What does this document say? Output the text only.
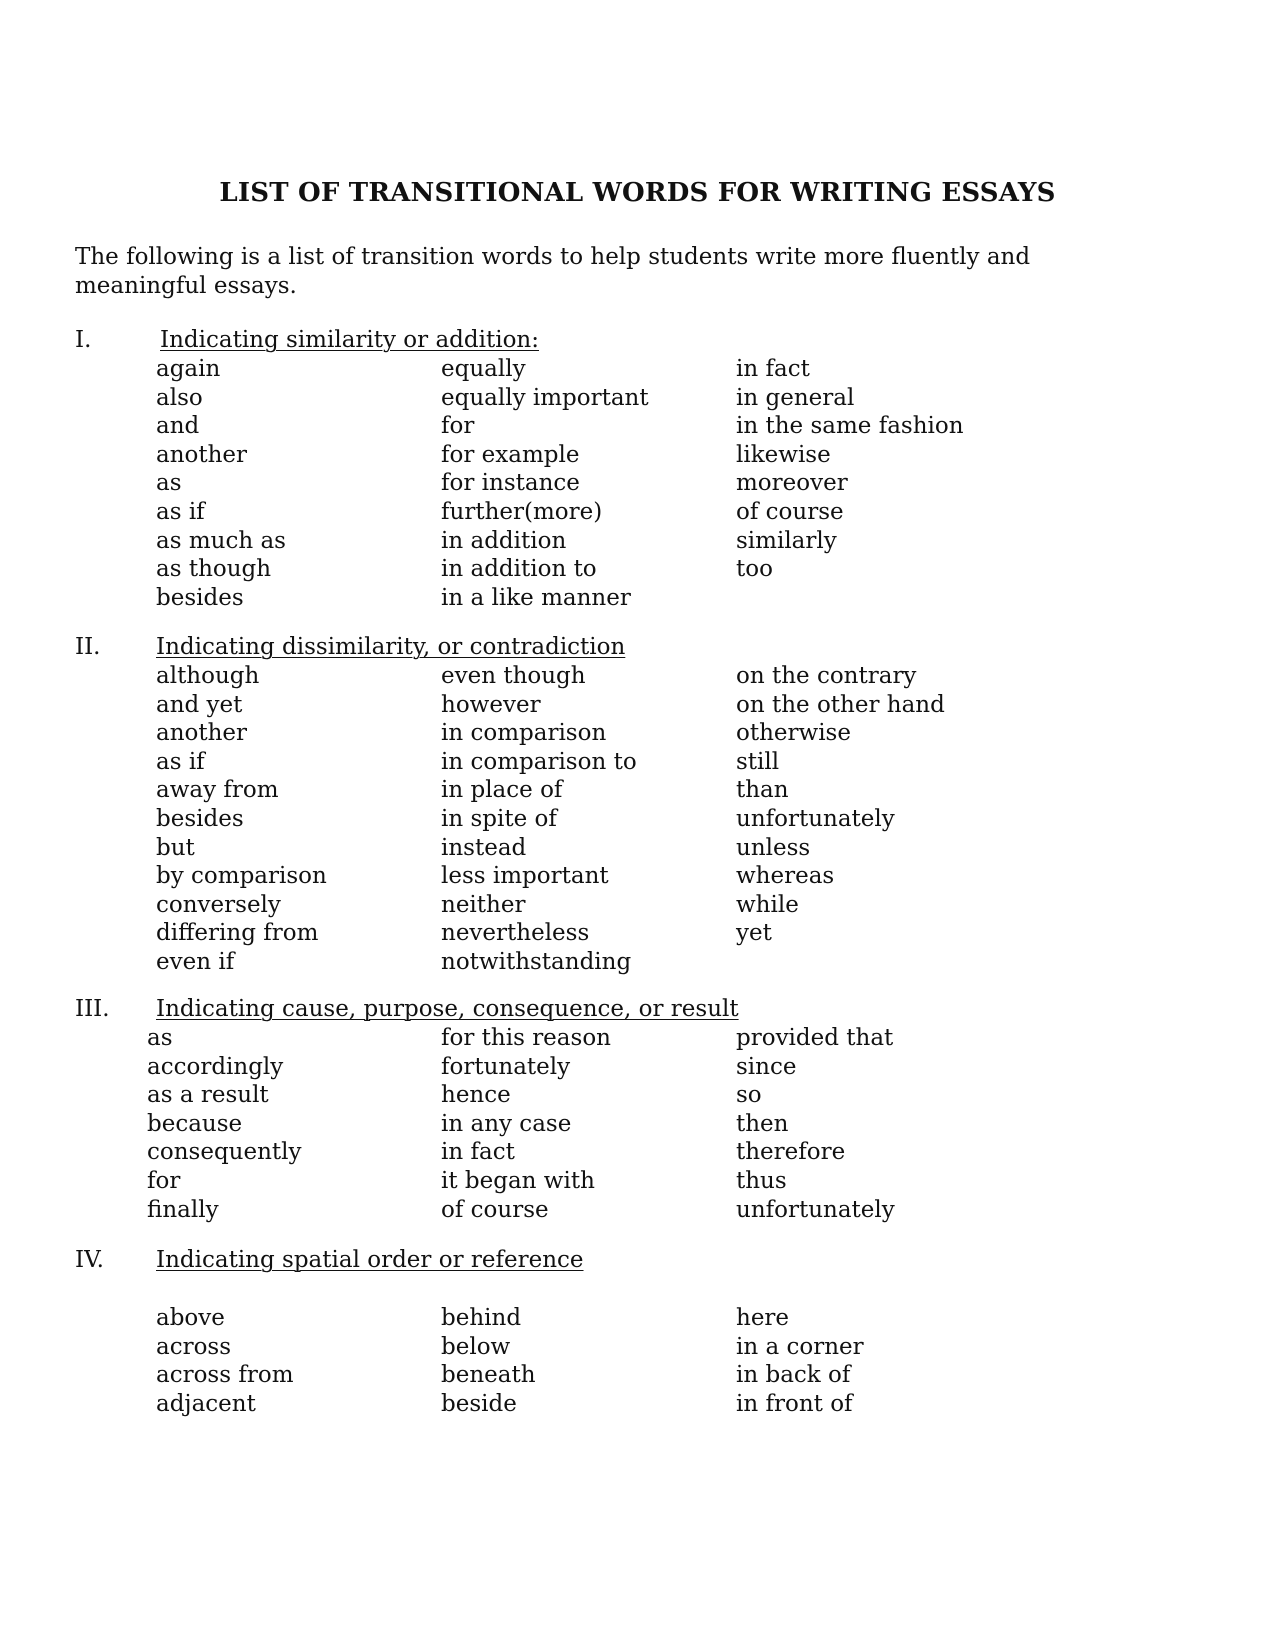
LIST OF TRANSITIONAL WORDS FOR WRITING ESSAYS

The following is a list of transition words to help students write more fluently and meaningful essays.

I.	Indicating similarity or addition:
again
also
and
another
as
as if
as much as
as though
besides
equally
equally important
for
for example
for instance
further(more)
in addition
in addition to
in a like manner
in fact
in general
in the same fashion
likewise
moreover
of course
similarly
too
II. Indicating dissimilarity, or contradiction
although
and yet
another
as if
away from
besides
but
by comparison
conversely
differing from
even if
even though
however
in comparison
in comparison to
in place of
in spite of
instead
less important
neither
nevertheless
notwithstanding
on the contrary
on the other hand
otherwise
still
than
unfortunately
unless
whereas
while
yet
III. Indicating cause, purpose, consequence, or result
as
accordingly
as a result
because
consequently
for
finally
for this reason
fortunately
hence
in any case
in fact
it began with
of course
provided that
since
so
then
therefore
thus
unfortunately
IV. Indicating spatial order or reference
above
across
across from
adjacent
behind
below
beneath
beside
here
in a corner
in back of
in front of
